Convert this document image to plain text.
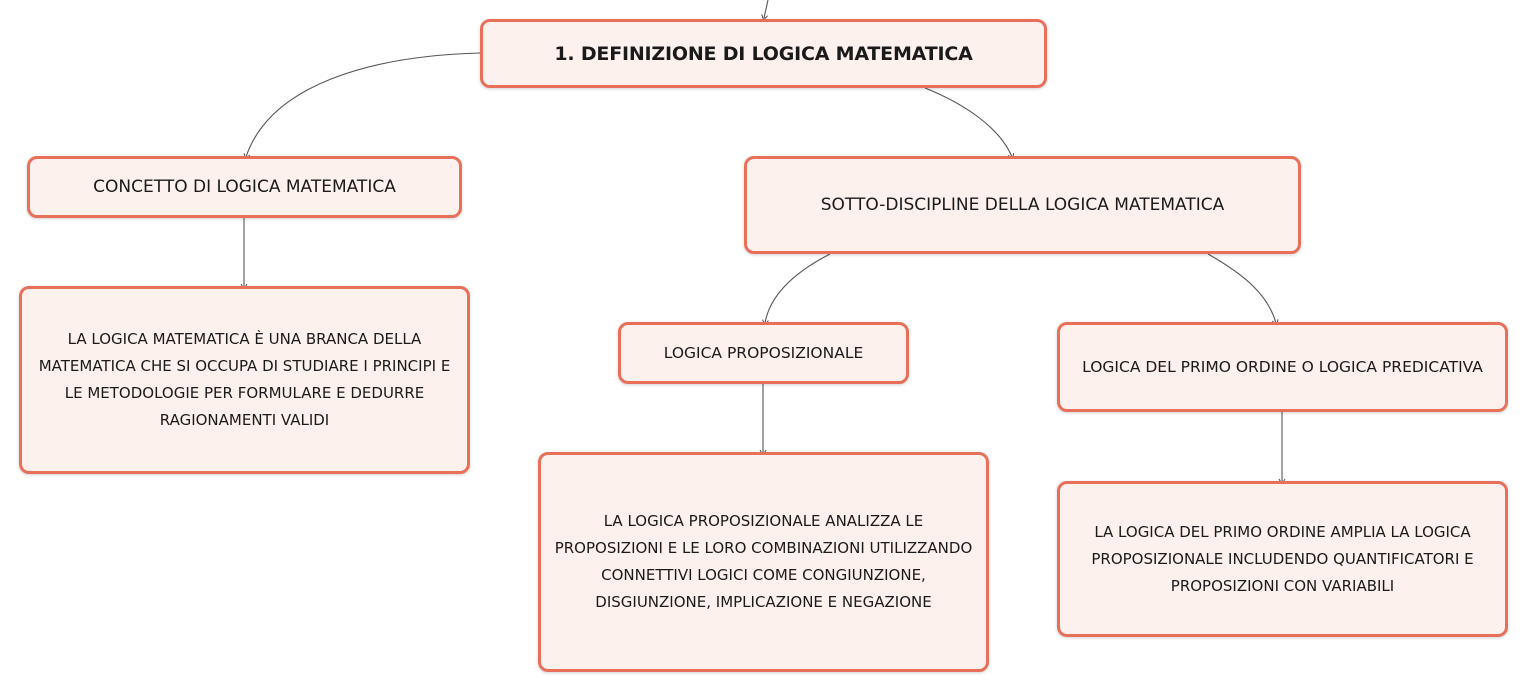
1. DEFINIZIONE DI LOGICA MATEMATICA
CONCETTO DI LOGICA MATEMATICA
LA LOGICA MATEMATICA È UNA BRANCA DELLA MATEMATICA CHE SI OCCUPA DI STUDIARE I PRINCIPI E LE METODOLOGIE PER FORMULARE E DEDURRE RAGIONAMENTI VALIDI
SOTTO-DISCIPLINE DELLA LOGICA MATEMATICA
LOGICA PROPOSIZIONALE
LA LOGICA PROPOSIZIONALE ANALIZZA LE PROPOSIZIONI E LE LORO COMBINAZIONI UTILIZZANDO CONNETTIVI LOGICI COME CONGIUNZIONE, DISGIUNZIONE, IMPLICAZIONE E NEGAZIONE
LOGICA DEL PRIMO ORDINE O LOGICA PREDICATIVA
LA LOGICA DEL PRIMO ORDINE AMPLIA LA LOGICA PROPOSIZIONALE INCLUDENDO QUANTIFICATORI E PROPOSIZIONI CON VARIABILI
